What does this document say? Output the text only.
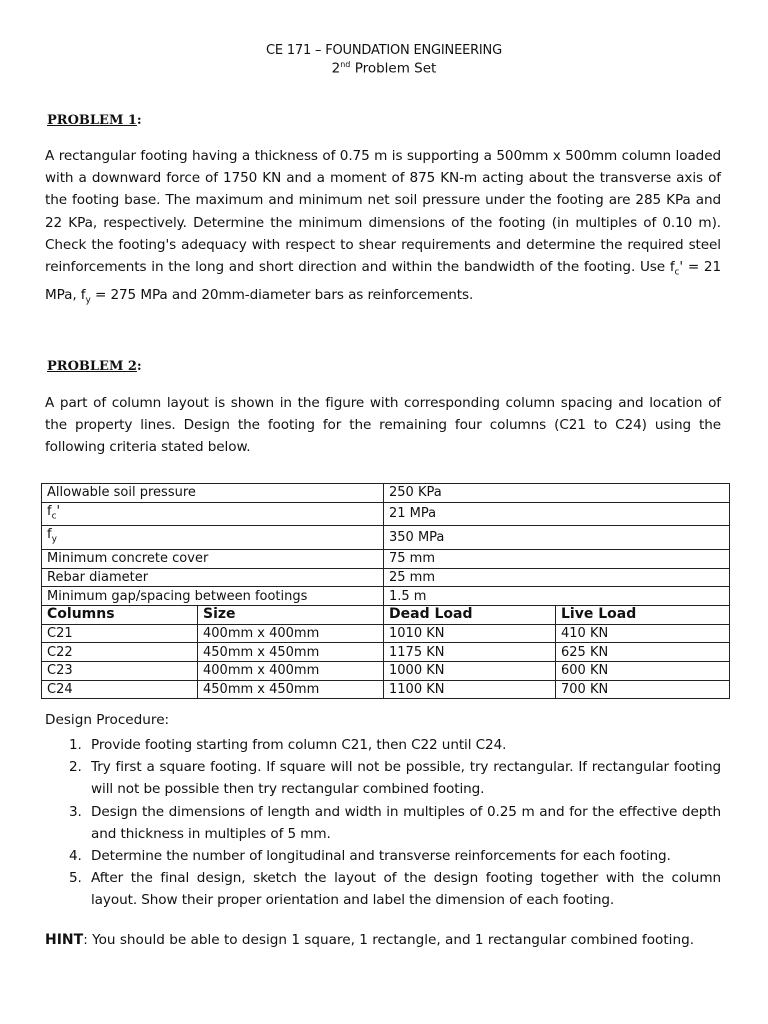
CE 171 – FOUNDATION ENGINEERING
2nd Problem Set
PROBLEM 1:
A rectangular footing having a thickness of 0.75 m is supporting a 500mm x 500mm column loaded with a downward force of 1750 KN and a moment of 875 KN-m acting about the transverse axis of the footing base. The maximum and minimum net soil pressure under the footing are 285 KPa and 22 KPa, respectively. Determine the minimum dimensions of the footing (in multiples of 0.10 m). Check the footing's adequacy with respect to shear requirements and determine the required steel reinforcements in the long and short direction and within the bandwidth of the footing. Use $f_c' = 21$ MPa, $f_y = 275$ MPa and 20mm-diameter bars as reinforcements.
PROBLEM 2:
A part of column layout is shown in the figure with corresponding column spacing and location of the property lines. Design the footing for the remaining four columns (C21 to C24) using the following criteria stated below.
Allowable soil pressure		250 KPa	
$f_c'$		21 MPa	
$f_y$		350 MPa	
Minimum concrete cover		75 mm	
Rebar diameter		25 mm	
Minimum gap/spacing between footings		1.5 m	
Columns	Size	Dead Load	Live Load
C21	400mm x 400mm	1010 KN	410 KN
C22	450mm x 450mm	1175 KN	625 KN
C23	400mm x 400mm	1000 KN	600 KN
C24	450mm x 450mm	1100 KN	700 KN
Design Procedure:
1. Provide footing starting from column C21, then C22 until C24.
2. Try first a square footing. If square will not be possible, try rectangular. If rectangular footing will not be possible then try rectangular combined footing.
3. Design the dimensions of length and width in multiples of 0.25 m and for the effective depth and thickness in multiples of 5 mm.
4. Determine the number of longitudinal and transverse reinforcements for each footing.
5. After the final design, sketch the layout of the design footing together with the column layout. Show their proper orientation and label the dimension of each footing.
HINT: You should be able to design 1 square, 1 rectangle, and 1 rectangular combined footing.
